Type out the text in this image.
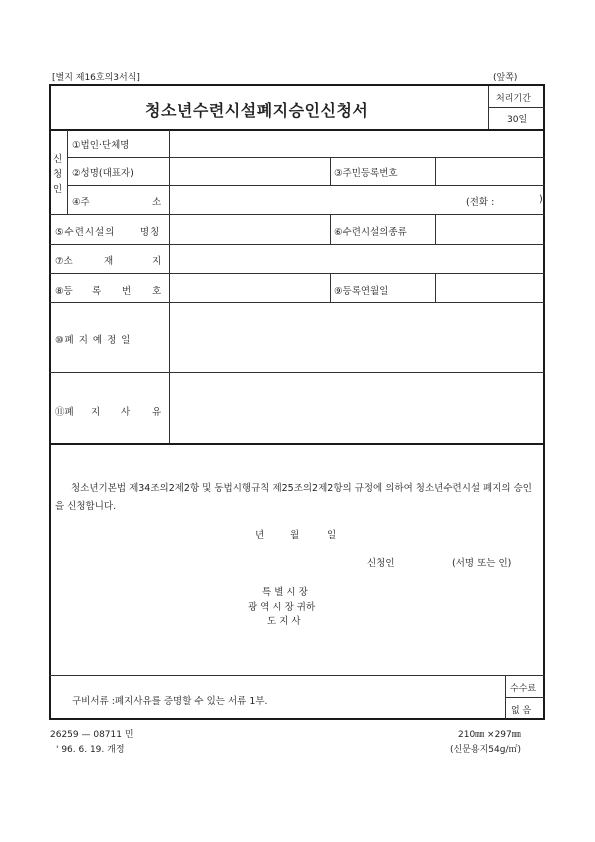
[별지 제16호의3서식]	(앞쪽)
청소년수련시설폐지승인신청서
처리기간
30일
신
청
인
①법인·단체명
②성명(대표자)	③주민등록번호
④주	소	(전화 :	)
⑤수련시설의	명칭	⑥수련시설의종류
⑦소	재	지
⑧등 록 번 호	⑨등록연월일
⑩폐 지 예 정 일
⑪폐 지 사 유
청소년기본법 제34조의2제2항 및 동법시행규칙 제25조의2제2항의 규정에 의하여 청소년수련시설 폐지의 승인을 신청합니다.
년	월	일
신청인	(서명 또는 인)
특 별 시 장
광 역 시 장 귀하
도 지 사
구비서류 :폐지사유를 증명할 수 있는 서류 1부.
수수료
없 음
26259 — 08711 민
' 96. 6. 19. 개정
210㎜ ×297㎜
(신문용지54g/㎡)
